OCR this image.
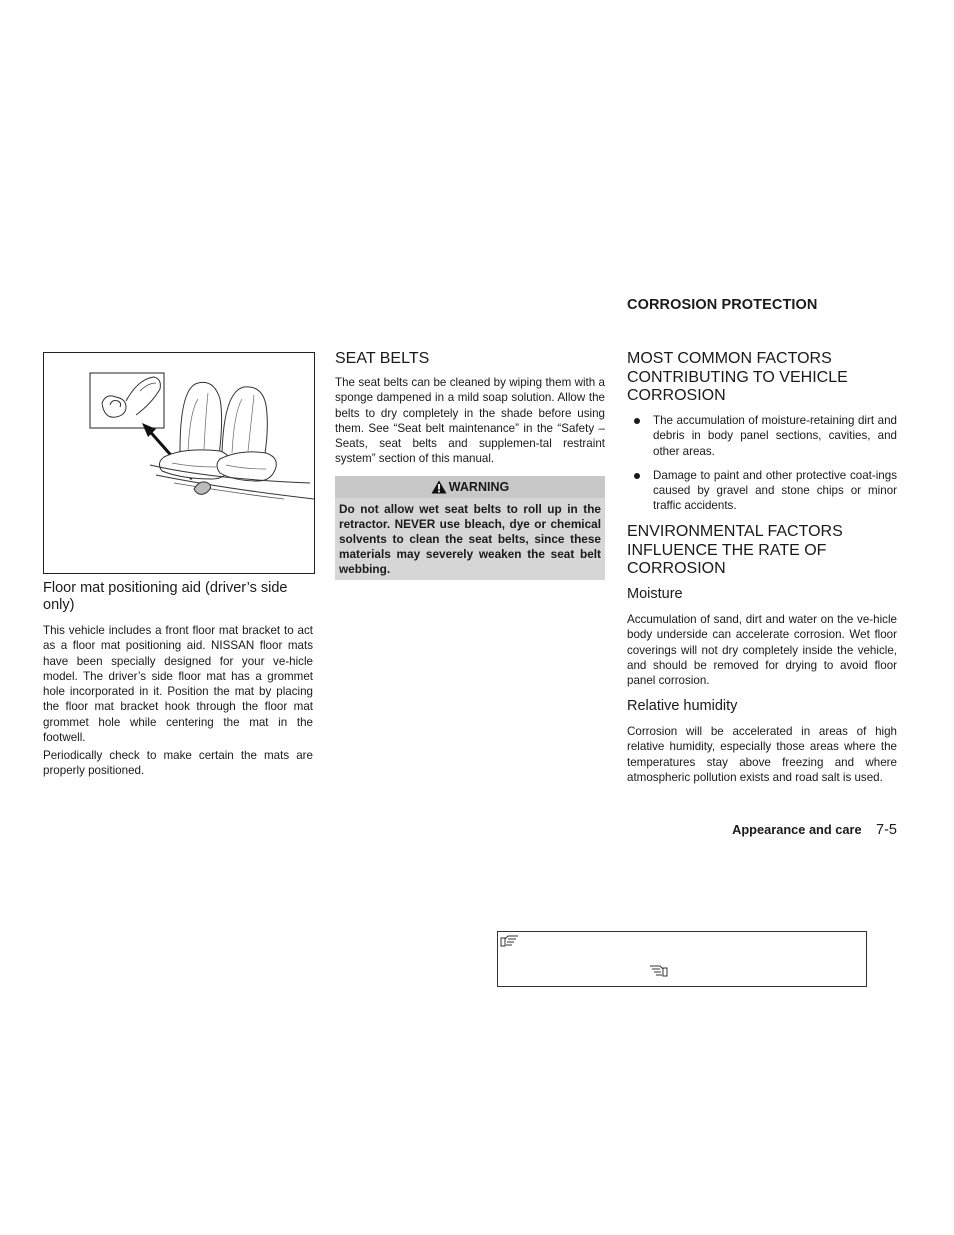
CORROSION PROTECTION
Floor mat positioning aid (driver’s side only)

This vehicle includes a front floor mat bracket to act as a floor mat positioning aid. NISSAN floor mats have been specially designed for your ve-hicle model. The driver’s side floor mat has a grommet hole incorporated in it. Position the mat by placing the floor mat bracket hook through the floor mat grommet hole while centering the mat in the footwell.

Periodically check to make certain the mats are properly positioned.

SEAT BELTS

The seat belts can be cleaned by wiping them with a sponge dampened in a mild soap solution. Allow the belts to dry completely in the shade before using them. See “Seat belt maintenance” in the “Safety – Seats, seat belts and supplemen-tal restraint system” section of this manual.

WARNING
Do not allow wet seat belts to roll up in the retractor. NEVER use bleach, dye or chemical solvents to clean the seat belts, since these materials may severely weaken the seat belt webbing.
MOST COMMON FACTORS CONTRIBUTING TO VEHICLE CORROSION
The accumulation of moisture-retaining dirt and debris in body panel sections, cavities, and other areas.
Damage to paint and other protective coat-ings caused by gravel and stone chips or minor traffic accidents.
ENVIRONMENTAL FACTORS INFLUENCE THE RATE OF CORROSION
Moisture

Accumulation of sand, dirt and water on the ve-hicle body underside can accelerate corrosion. Wet floor coverings will not dry completely inside the vehicle, and should be removed for drying to avoid floor panel corrosion.

Relative humidity

Corrosion will be accelerated in areas of high relative humidity, especially those areas where the temperatures stay above freezing and where atmospheric pollution exists and road salt is used.

Appearance and care 7-5
